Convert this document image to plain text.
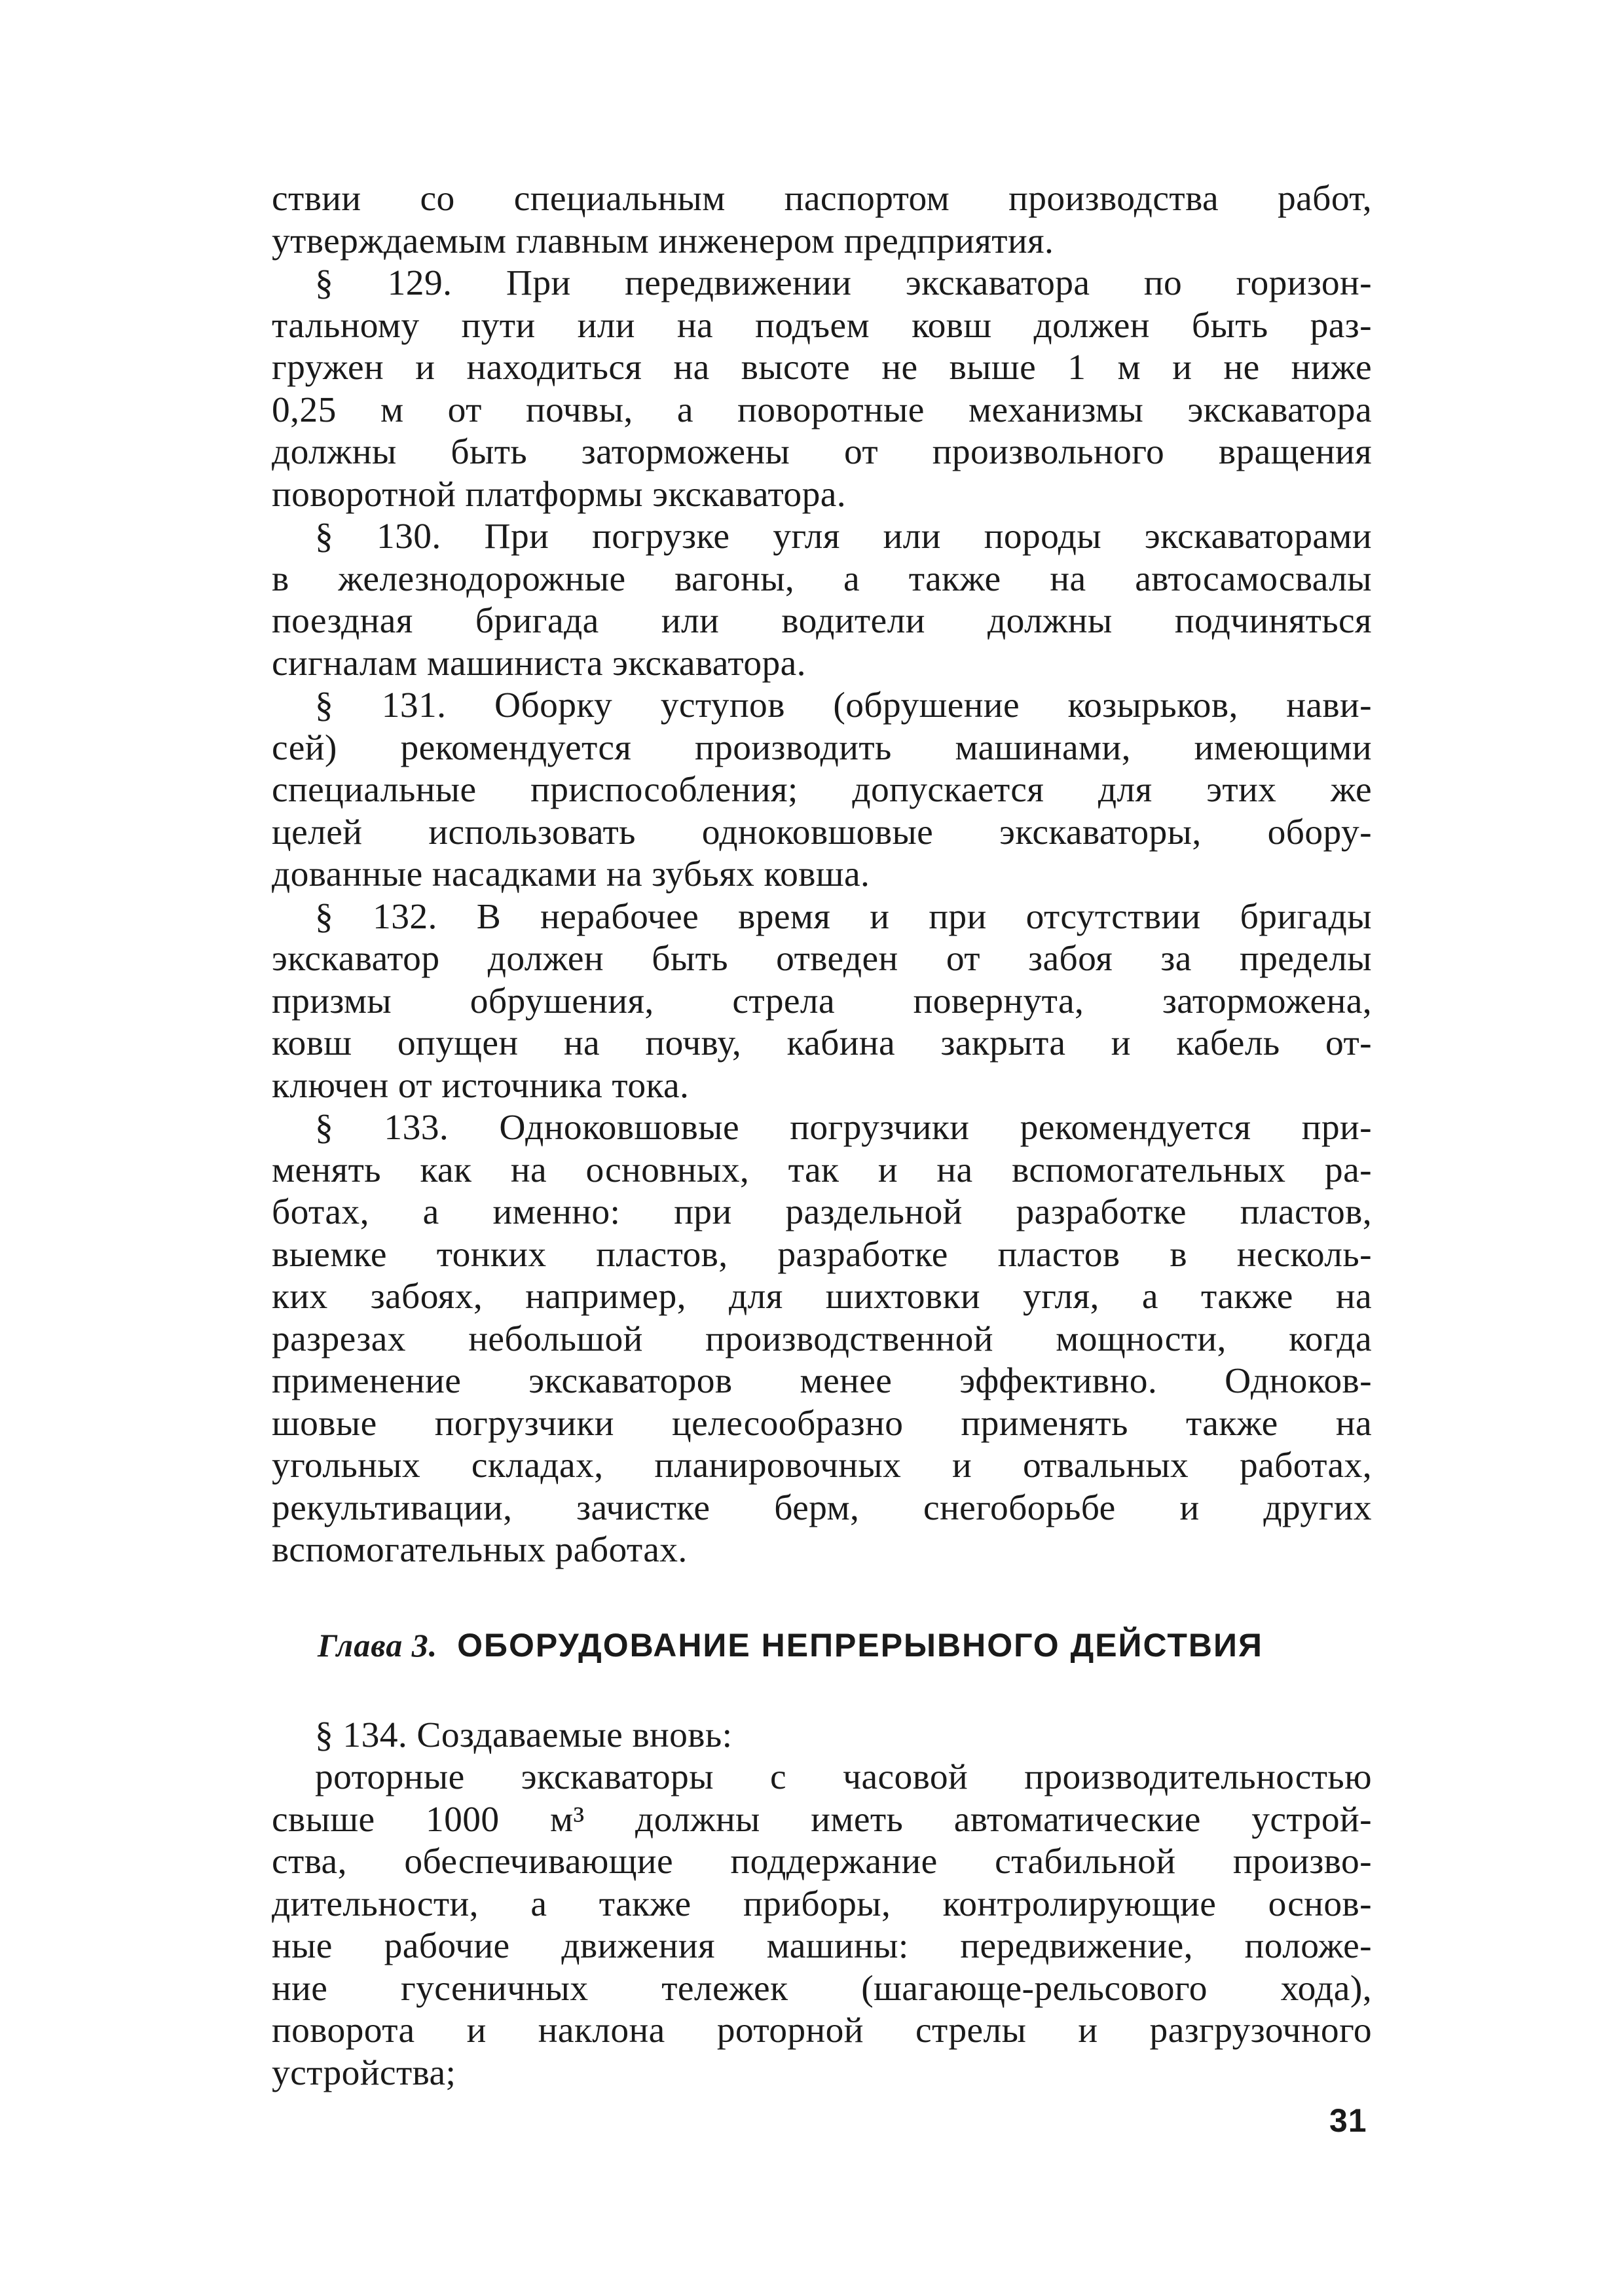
ствии со специальным паспортом производства работ,
утверждаемым главным инженером предприятия.
§ 129. При передвижении экскаватора по горизон-
тальному пути или на подъем ковш должен быть раз-
гружен и находиться на высоте не выше 1 м и не ниже
0,25 м от почвы, а поворотные механизмы экскаватора
должны быть заторможены от произвольного вращения
поворотной платформы экскаватора.
§ 130. При погрузке угля или породы экскаваторами
в железнодорожные вагоны, а также на автосамосвалы
поездная бригада или водители должны подчиняться
сигналам машиниста экскаватора.
§ 131. Оборку уступов (обрушение козырьков, нави-
сей) рекомендуется производить машинами, имеющими
специальные приспособления; допускается для этих же
целей использовать одноковшовые экскаваторы, обору-
дованные насадками на зубьях ковша.
§ 132. В нерабочее время и при отсутствии бригады
экскаватор должен быть отведен от забоя за пределы
призмы обрушения, стрела повернута, заторможена,
ковш опущен на почву, кабина закрыта и кабель от-
ключен от источника тока.
§ 133. Одноковшовые погрузчики рекомендуется при-
менять как на основных, так и на вспомогательных ра-
ботах, а именно: при раздельной разработке пластов,
выемке тонких пластов, разработке пластов в несколь-
ких забоях, например, для шихтовки угля, а также на
разрезах небольшой производственной мощности, когда
применение экскаваторов менее эффективно. Одноков-
шовые погрузчики целесообразно применять также на
угольных складах, планировочных и отвальных работах,
рекультивации, зачистке берм, снегоборьбе и других
вспомогательных работах.
Глава 3. ОБОРУДОВАНИЕ НЕПРЕРЫВНОГО ДЕЙСТВИЯ
§ 134. Создаваемые вновь:
роторные экскаваторы с часовой производительностью
свыше 1000 м³ должны иметь автоматические устрой-
ства, обеспечивающие поддержание стабильной произво-
дительности, а также приборы, контролирующие основ-
ные рабочие движения машины: передвижение, положе-
ние гусеничных тележек (шагающе-рельсового хода),
поворота и наклона роторной стрелы и разгрузочного
устройства;
31
